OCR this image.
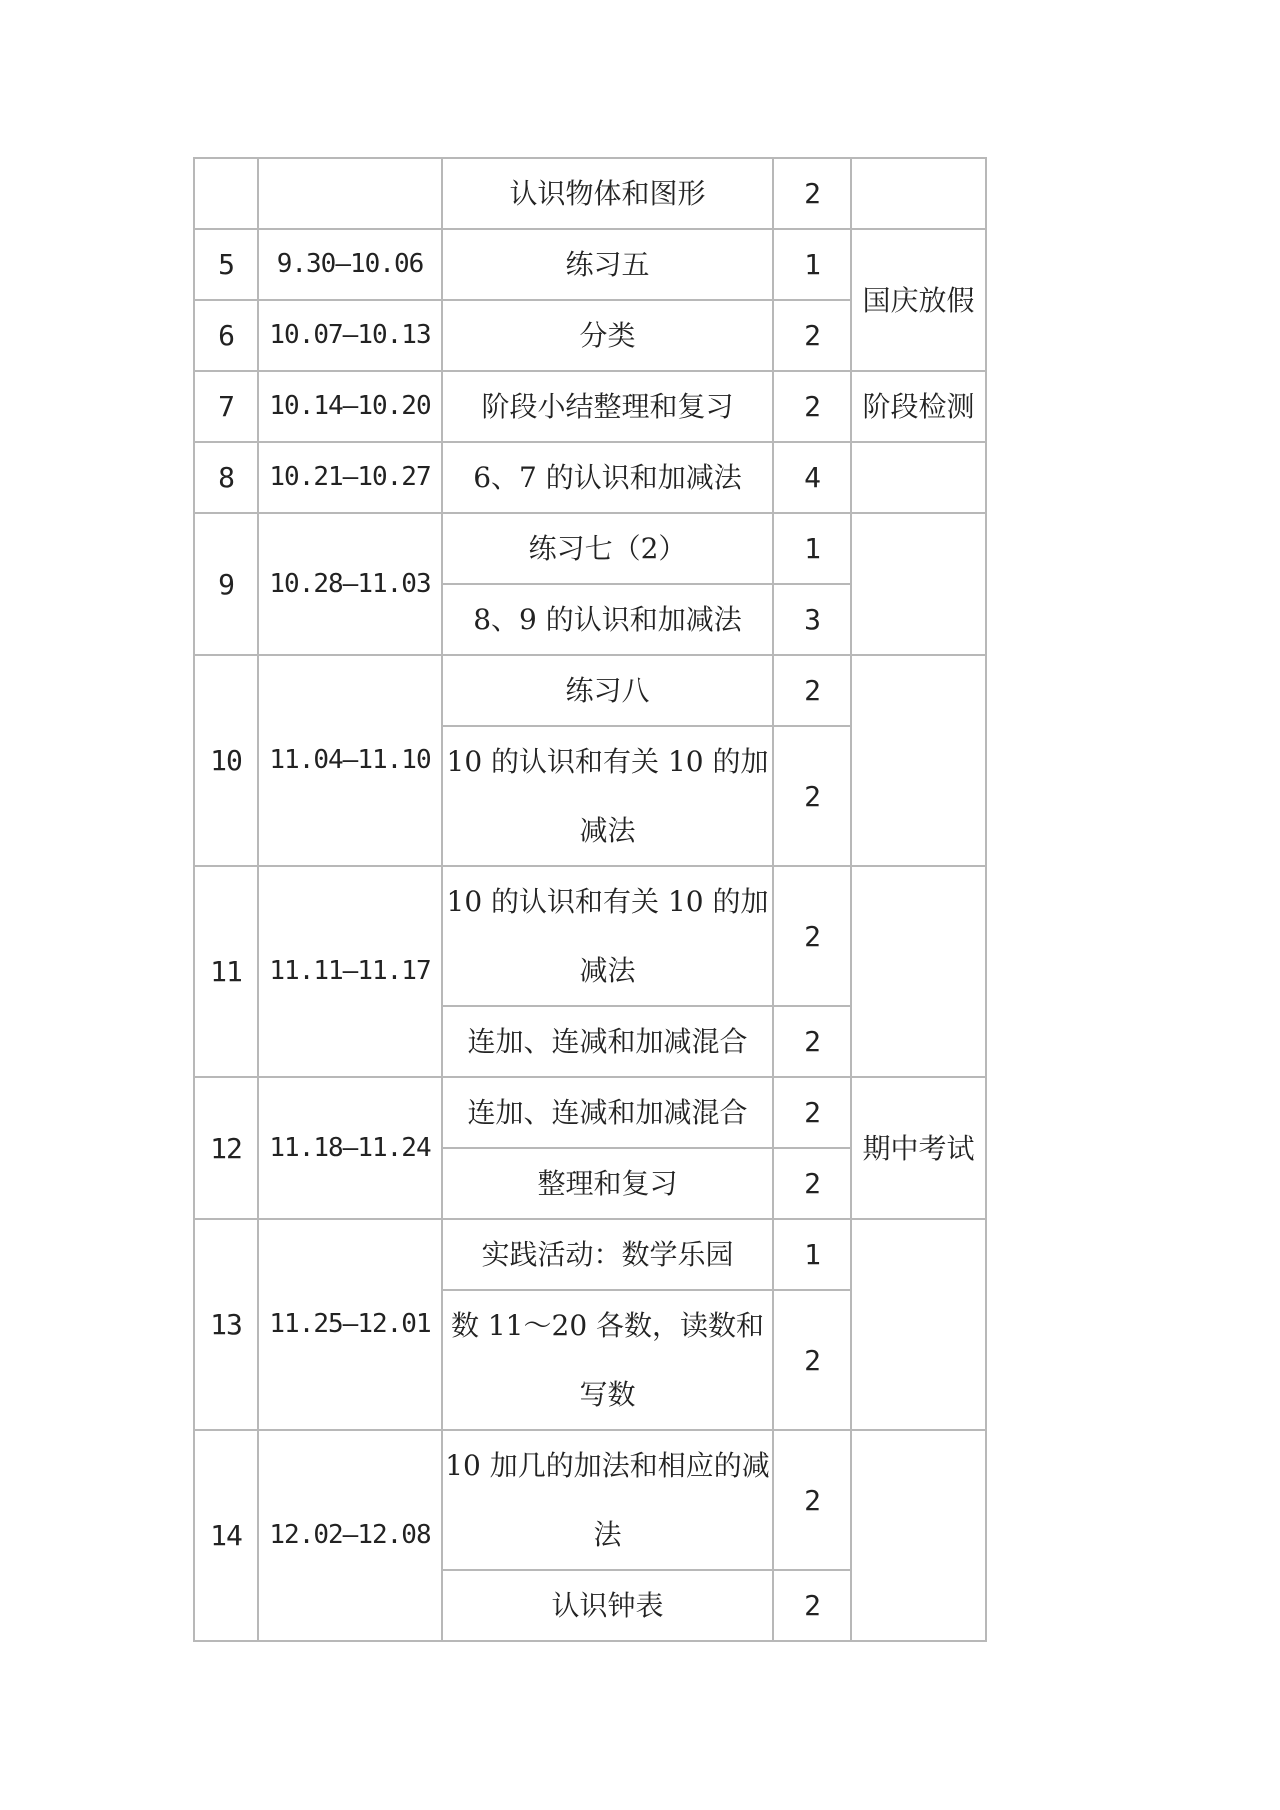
		认识物体和图形	2	
5	9.30—10.06	练习五	1	国庆放假
6	10.07—10.13	分类	2	
7	10.14—10.20	阶段小结整理和复习	2	阶段检测
8	10.21—10.27	6、7 的认识和加减法	4	
9	10.28—11.03	练习七（2）	1	
		8、9 的认识和加减法	3	
10	11.04—11.10	练习八	2	
		10 的认识和有关 10 的加减法	2	
11	11.11—11.17	10 的认识和有关 10 的加减法	2	
		连加、连减和加减混合	2	
12	11.18—11.24	连加、连减和加减混合	2	期中考试
		整理和复习	2	
13	11.25—12.01	实践活动：数学乐园	1	
		数 11～20 各数，读数和写数	2	
14	12.02—12.08	10 加几的加法和相应的减法	2	
		认识钟表	2	
